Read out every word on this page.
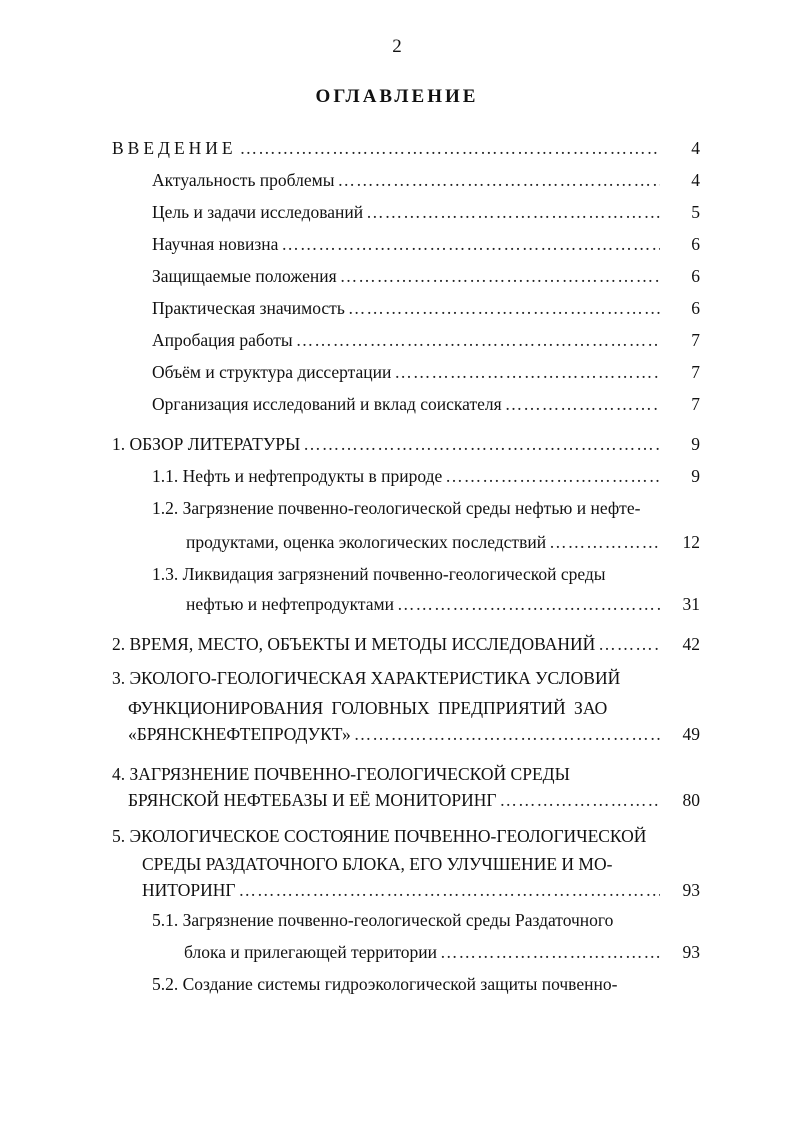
2
ОГЛАВЛЕНИЕ
ВВЕДЕНИЕ …………………………………………………………………………………………………………………………………………………………	4
Актуальность проблемы …………………………………………………………………………………………………………………………………………………………	4
Цель и задачи исследований …………………………………………………………………………………………………………………………………………………………	5
Научная новизна …………………………………………………………………………………………………………………………………………………………	6
Защищаемые положения …………………………………………………………………………………………………………………………………………………………	6
Практическая значимость …………………………………………………………………………………………………………………………………………………………	6
Апробация работы …………………………………………………………………………………………………………………………………………………………	7
Объём и структура диссертации …………………………………………………………………………………………………………………………………………………………	7
Организация исследований и вклад соискателя …………………………………………………………………………………………………………………………………………………………	7
1. ОБЗОР ЛИТЕРАТУРЫ …………………………………………………………………………………………………………………………………………………………	9
1.1. Нефть и нефтепродукты в природе …………………………………………………………………………………………………………………………………………………………	9
1.2. Загрязнение почвенно-геологической среды нефтью и нефте-
продуктами, оценка экологических последствий …………………………………………………………………………………………………………………………………………………………	12
1.3. Ликвидация загрязнений почвенно-геологической среды
нефтью и нефтепродуктами …………………………………………………………………………………………………………………………………………………………	31
2. ВРЕМЯ, МЕСТО, ОБЪЕКТЫ И МЕТОДЫ ИССЛЕДОВАНИЙ …………………………………………………………………………………………………………………………………………………………	42
3. ЭКОЛОГО-ГЕОЛОГИЧЕСКАЯ ХАРАКТЕРИСТИКА УСЛОВИЙ
ФУНКЦИОНИРОВАНИЯ ГОЛОВНЫХ ПРЕДПРИЯТИЙ ЗАО
«БРЯНСКНЕФТЕПРОДУКТ» …………………………………………………………………………………………………………………………………………………………	49
4. ЗАГРЯЗНЕНИЕ ПОЧВЕННО-ГЕОЛОГИЧЕСКОЙ СРЕДЫ
БРЯНСКОЙ НЕФТЕБАЗЫ И ЕЁ МОНИТОРИНГ …………………………………………………………………………………………………………………………………………………………	80
5. ЭКОЛОГИЧЕСКОЕ СОСТОЯНИЕ ПОЧВЕННО-ГЕОЛОГИЧЕСКОЙ
СРЕДЫ РАЗДАТОЧНОГО БЛОКА, ЕГО УЛУЧШЕНИЕ И МО-
НИТОРИНГ …………………………………………………………………………………………………………………………………………………………	93
5.1. Загрязнение почвенно-геологической среды Раздаточного
блока и прилегающей территории …………………………………………………………………………………………………………………………………………………………	93
5.2. Создание системы гидроэкологической защиты почвенно-
